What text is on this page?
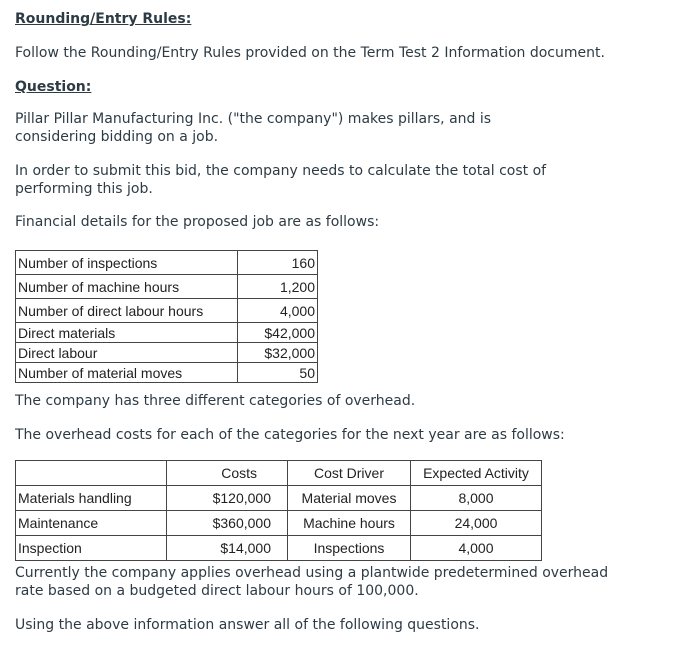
Rounding/Entry Rules:

Follow the Rounding/Entry Rules provided on the Term Test 2 Information document.

Question:

Pillar Pillar Manufacturing Inc. ("the company") makes pillars, and is considering bidding on a job.

In order to submit this bid, the company needs to calculate the total cost of performing this job.

Financial details for the proposed job are as follows:

Number of inspections	160
Number of machine hours	1,200
Number of direct labour hours	4,000
Direct materials	$42,000
Direct labour	$32,000
Number of material moves	50

The company has three different categories of overhead.

The overhead costs for each of the categories for the next year are as follows:

	Costs	Cost Driver	Expected Activity
Materials handling	$120,000	Material moves	8,000
Maintenance	$360,000	Machine hours	24,000
Inspection	$14,000	Inspections	4,000

Currently the company applies overhead using a plantwide predetermined overhead rate based on a budgeted direct labour hours of 100,000.

Using the above information answer all of the following questions.
